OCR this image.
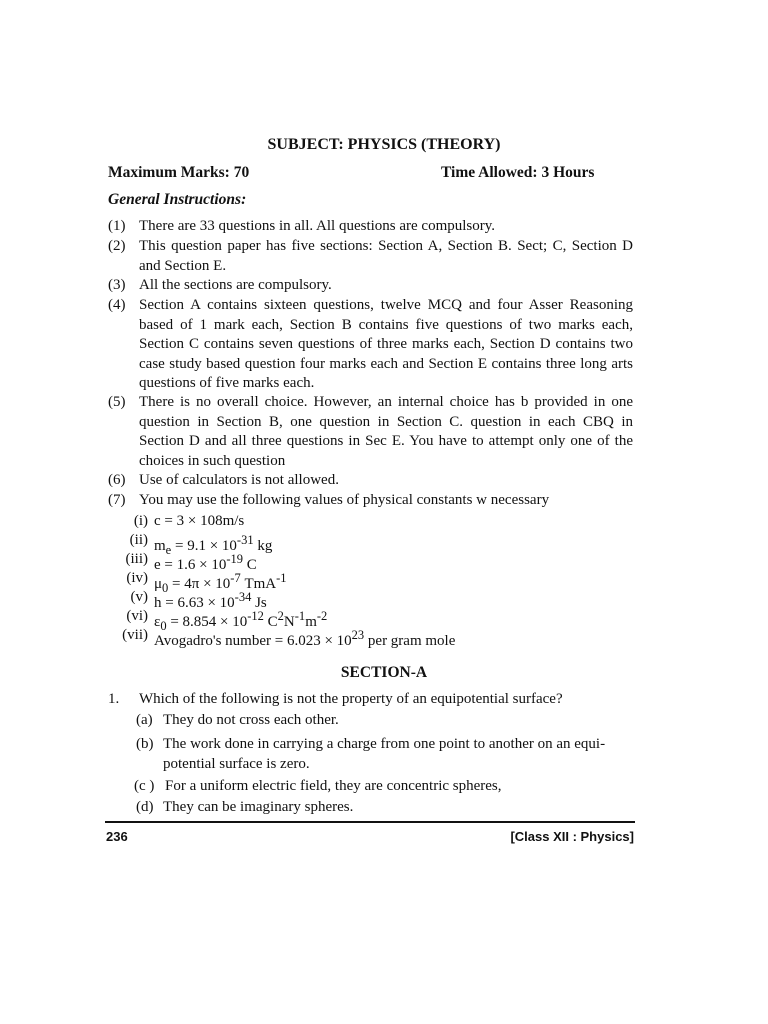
SUBJECT: PHYSICS (THEORY)
Maximum Marks: 70	Time Allowed: 3 Hours
General Instructions:
(1) There are 33 questions in all. All questions are compulsory.
(2) This question paper has five sections: Section A, Section B. Sect; C, Section D and Section E.
(3) All the sections are compulsory.
(4) Section A contains sixteen questions, twelve MCQ and four Asser Reasoning based of 1 mark each, Section B contains five questions of two marks each, Section C contains seven questions of three marks each, Section D contains two case study based question four marks each and Section E contains three long arts questions of five marks each.
(5) There is no overall choice. However, an internal choice has b provided in one question in Section B, one question in Section C. question in each CBQ in Section D and all three questions in Sec E. You have to attempt only one of the choices in such question
(6) Use of calculators is not allowed.
(7) You may use the following values of physical constants w necessary
(i) c = 3 × 108m/s
(ii) $m_e = 9.1 \times 10^{-31}$ kg
(iii) $e = 1.6 \times 10^{-19}$ C
(iv) $\mu_0 = 4\pi \times 10^{-7}$ TmA$^{-1}$
(v) $h = 6.63 \times 10^{-34}$ Js
(vi) $\varepsilon_0 = 8.854 \times 10^{-12}$ $C^2N^{-1}m^{-2}$
(vii) Avogadro's number = $6.023 \times 10^{23}$ per gram mole
SECTION-A
1. Which of the following is not the property of an equipotential surface?
(a) They do not cross each other.
(b) The work done in carrying a charge from one point to another on an equi-
potential surface is zero.
(c ) For a uniform electric field, they are concentric spheres,
(d) They can be imaginary spheres.
236	[Class XII : Physics]
